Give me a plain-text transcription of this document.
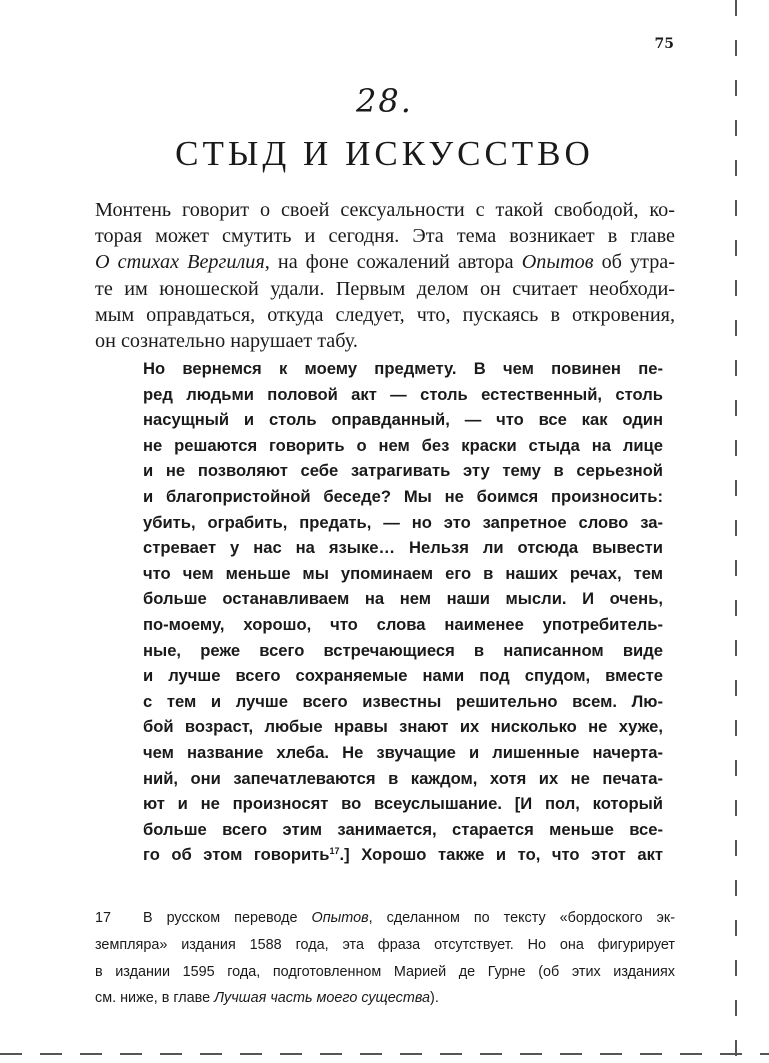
75
28.
СТЫД И ИСКУССТВО
Монтень говорит о своей сексуальности с такой свободой, ко-
торая может смутить и сегодня. Эта тема возникает в главе
О стихах Вергилия, на фоне сожалений автора Опытов об утра-
те им юношеской удали. Первым делом он считает необходи-
мым оправдаться, откуда следует, что, пускаясь в откровения,
он сознательно нарушает табу.
Но вернемся к моему предмету. В чем повинен пе-
ред людьми половой акт — столь естественный, столь
насущный и столь оправданный, — что все как один
не решаются говорить о нем без краски стыда на лице
и не позволяют себе затрагивать эту тему в серьезной
и благопристойной беседе? Мы не боимся произносить:
убить, ограбить, предать, — но это запретное слово за-
стревает у нас на языке… Нельзя ли отсюда вывести
что чем меньше мы упоминаем его в наших речах, тем
больше останавливаем на нем наши мысли. И очень,
по-моему, хорошо, что слова наименее употребитель-
ные, реже всего встречающиеся в написанном виде
и лучше всего сохраняемые нами под спудом, вместе
с тем и лучше всего известны решительно всем. Лю-
бой возраст, любые нравы знают их нисколько не хуже,
чем название хлеба. Не звучащие и лишенные начерта-
ний, они запечатлеваются в каждом, хотя их не печата-
ют и не произносят во всеуслышание. [И пол, который
больше всего этим занимается, старается меньше все-
го об этом говорить$^{17}$.] Хорошо также и то, что этот акт
17 В русском переводе Опытов, сделанном по тексту «бордоского эк-
земпляра» издания 1588 года, эта фраза отсутствует. Но она фигурирует
в издании 1595 года, подготовленном Марией де Гурне (об этих изданиях
см. ниже, в главе Лучшая часть моего существа).
